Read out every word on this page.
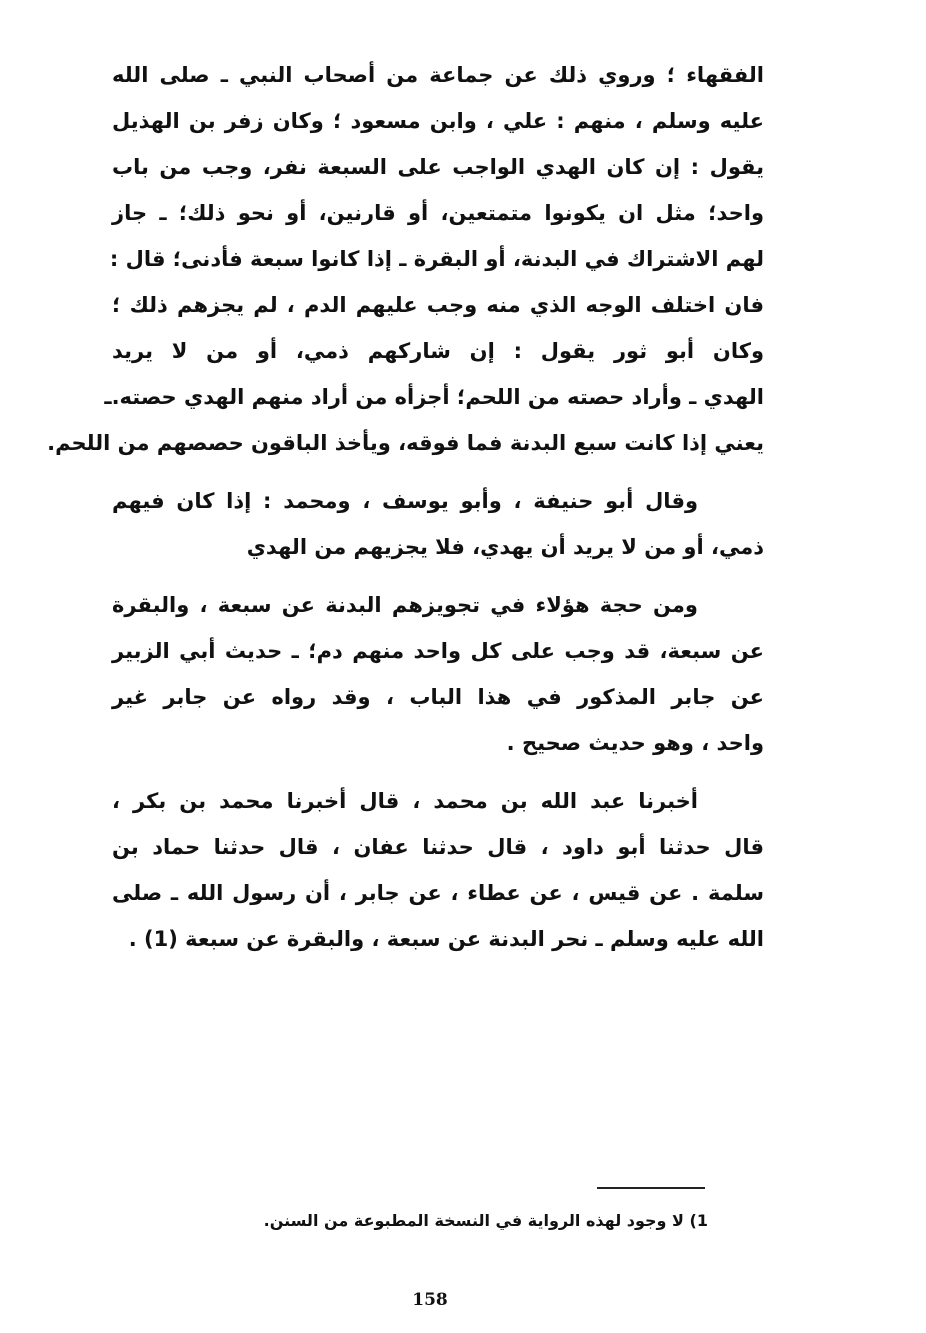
الفقهاء ؛ وروي ذلك عن جماعة من أصحاب النبي ـ صلى الله
عليه وسلم ، منهم : علي ، وابن مسعود ؛ وكان زفر بن الهذيل
يقول : إن كان الهدي الواجب على السبعة نفر، وجب من باب
واحد؛ مثل ان يكونوا متمتعين، أو قارنين، أو نحو ذلك؛ ـ جاز
لهم الاشتراك في البدنة، أو البقرة ـ إذا كانوا سبعة فأدنى؛ قال :
فان اختلف الوجه الذي منه وجب عليهم الدم ، لم يجزهم ذلك ؛
وكان أبو ثور يقول : إن شاركهم ذمي، أو من لا يريد
الهدي ـ وأراد حصته من اللحم؛ أجزأه من أراد منهم الهدي حصته.ـ
يعني إذا كانت سبع البدنة فما فوقه، ويأخذ الباقون حصصهم من اللحم.
وقال أبو حنيفة ، وأبو يوسف ، ومحمد : إذا كان فيهم
ذمي، أو من لا يريد أن يهدي، فلا يجزيهم من الهدي
ومن حجة هؤلاء في تجويزهم البدنة عن سبعة ، والبقرة
عن سبعة، قد وجب على كل واحد منهم دم؛ ـ حديث أبي الزبير
عن جابر المذكور في هذا الباب ، وقد رواه عن جابر غير
واحد ، وهو حديث صحيح .
أخبرنا عبد الله بن محمد ، قال أخبرنا محمد بن بكر ،
قال حدثنا أبو داود ، قال حدثنا عفان ، قال حدثنا حماد بن
سلمة . عن قيس ، عن عطاء ، عن جابر ، أن رسول الله ـ صلى
الله عليه وسلم ـ نحر البدنة عن سبعة ، والبقرة عن سبعة (1) .
1) لا وجود لهذه الرواية في النسخة المطبوعة من السنن.
158
